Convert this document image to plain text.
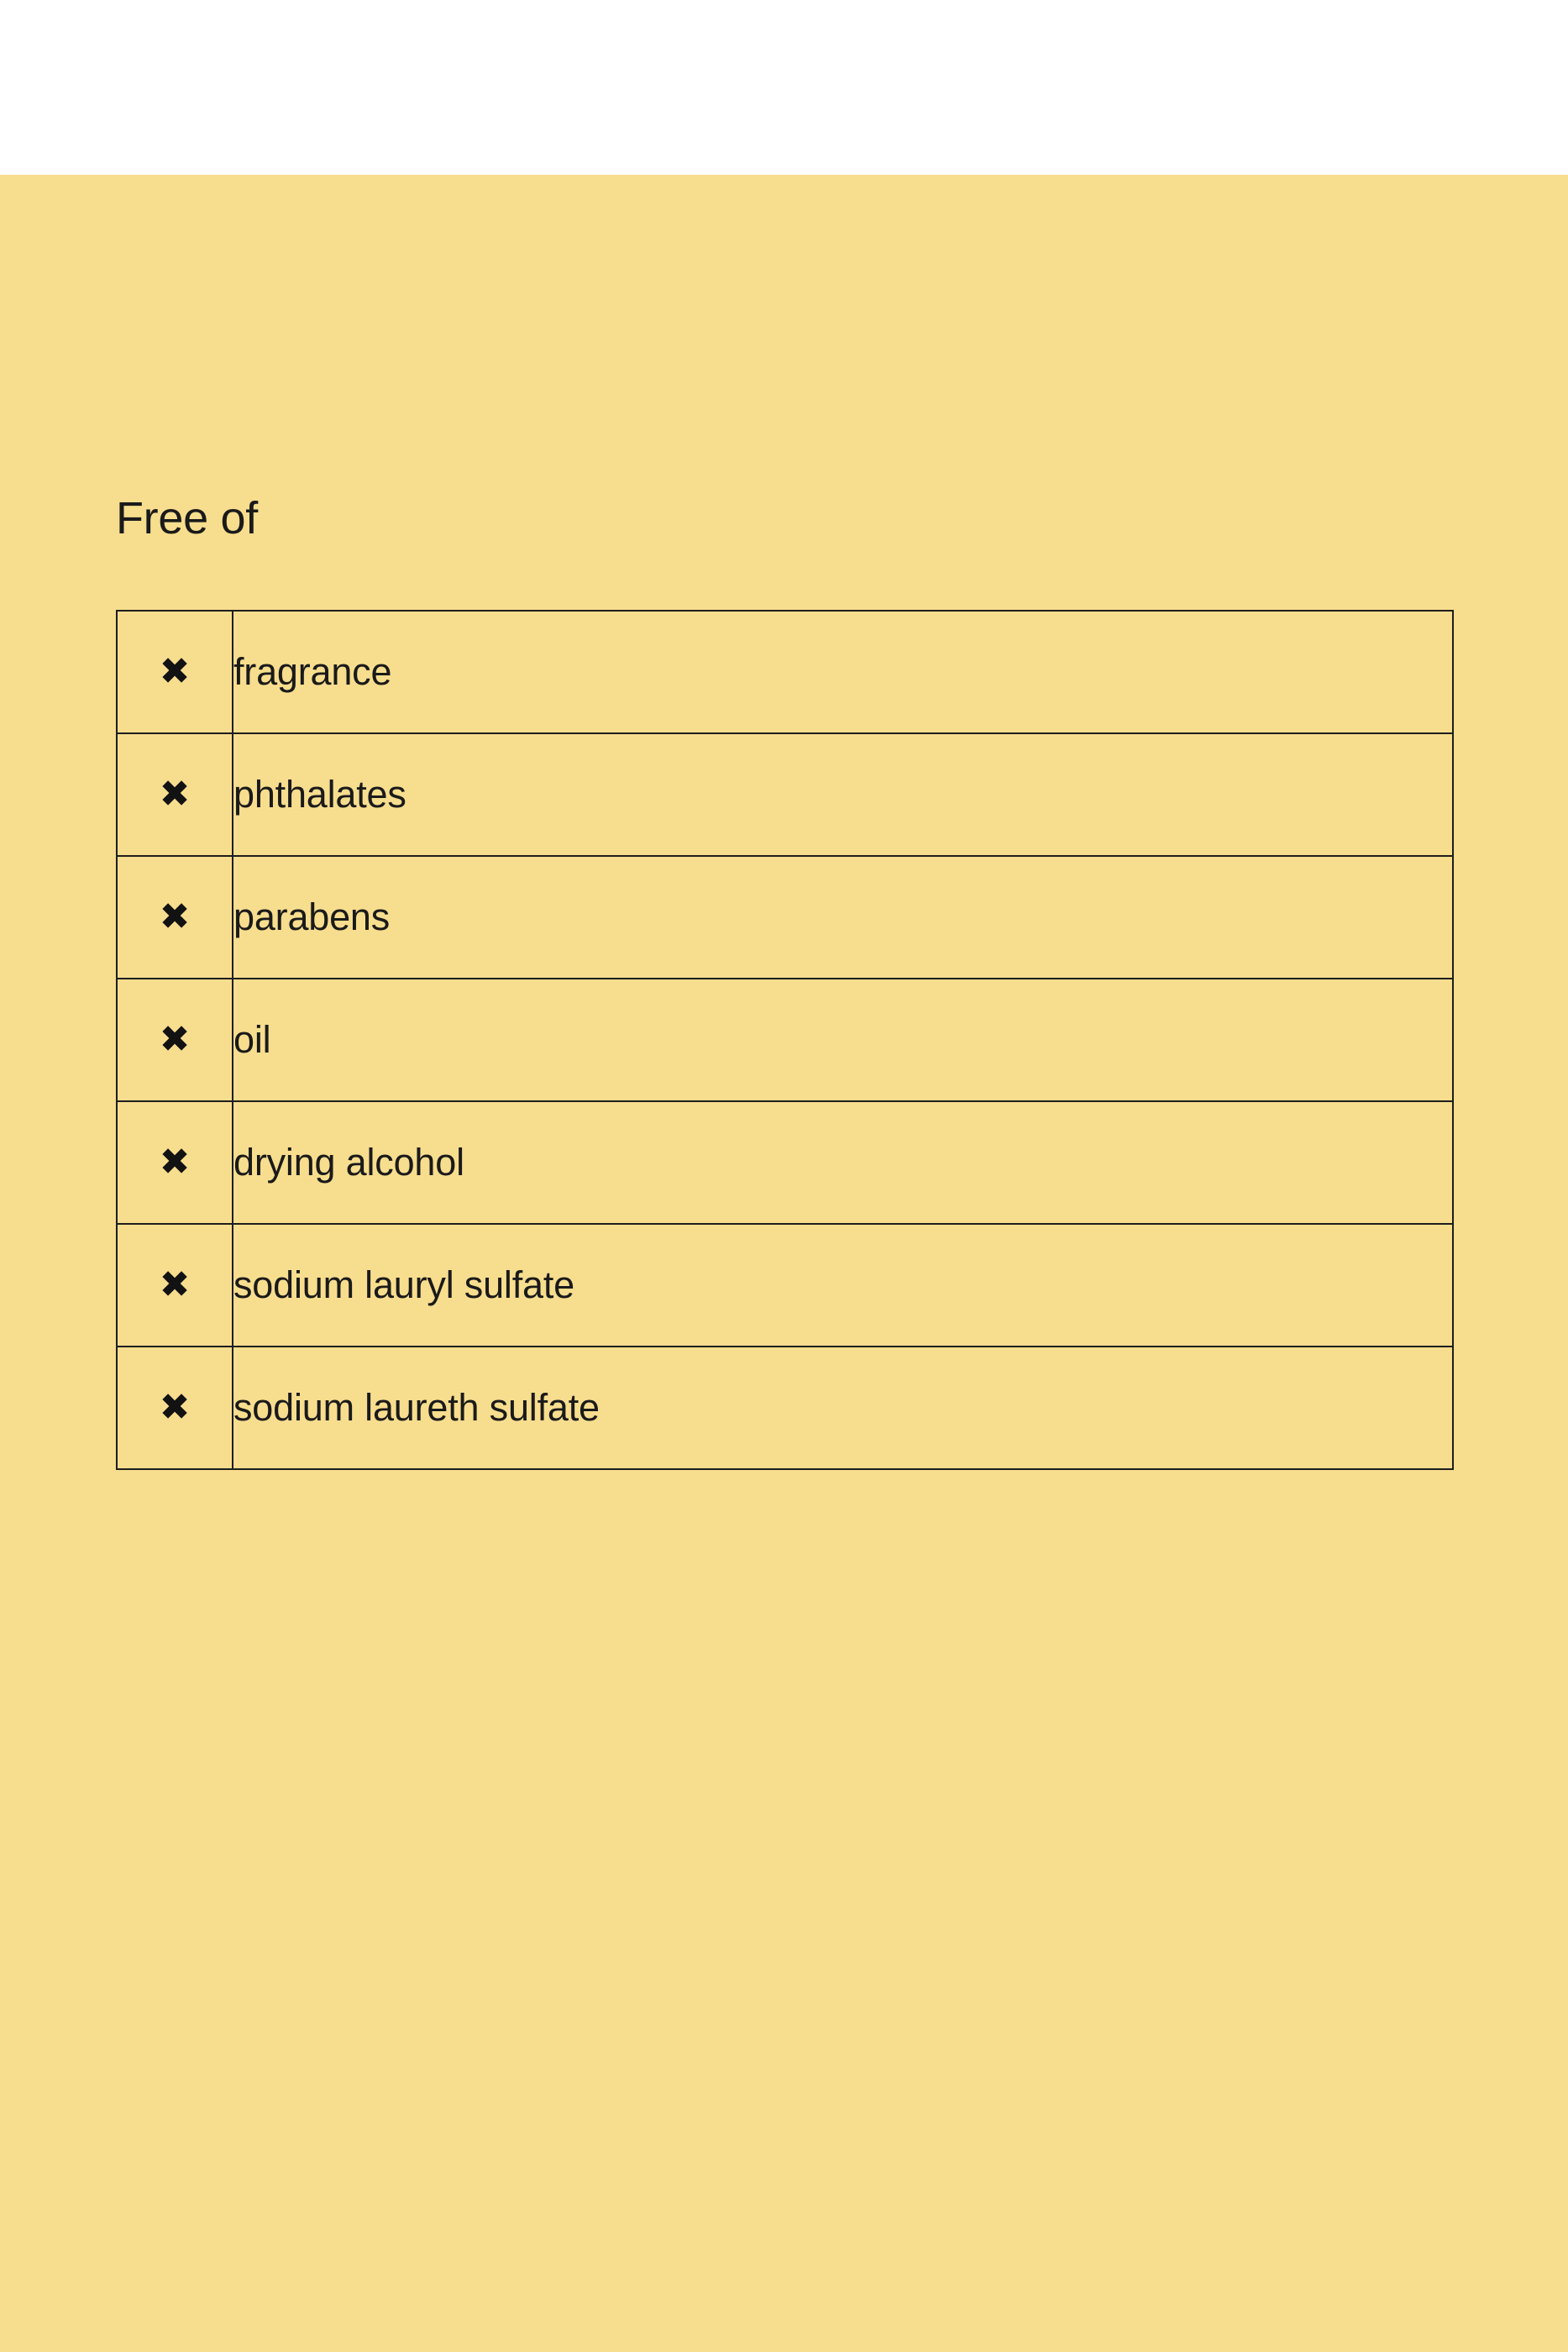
Free of
✖	fragrance
✖	phthalates
✖	parabens
✖	oil
✖	drying alcohol
✖	sodium lauryl sulfate
✖	sodium laureth sulfate
